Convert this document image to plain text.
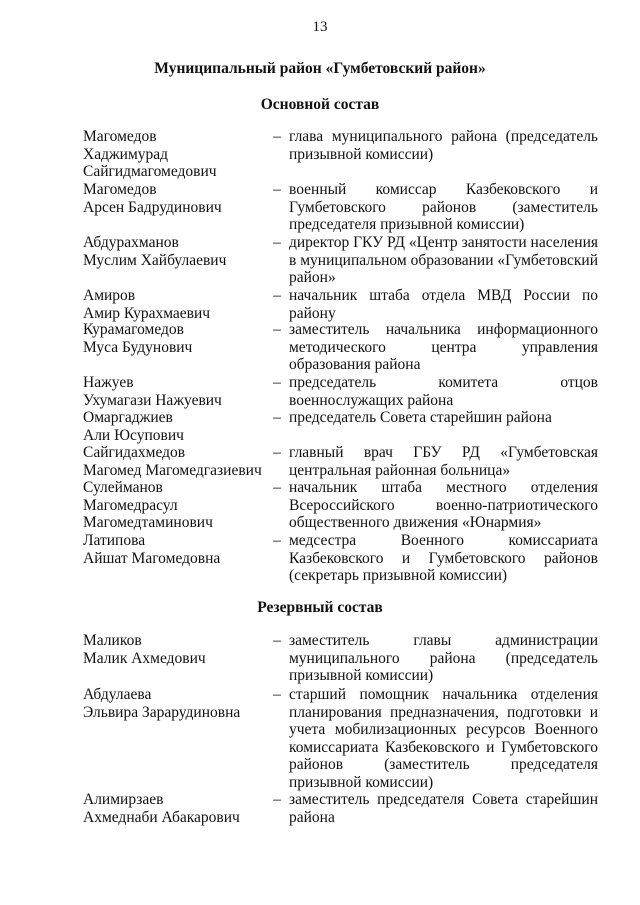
13
Муниципальный район «Гумбетовский район»
Основной состав
Магомедов
Хаджимурад
Сайгидмагомедович
– глава муниципального района (председатель призывной комиссии)
Магомедов
Арсен Бадрудинович
– военный комиссар Казбековского и Гумбетовского районов (заместитель председателя призывной комиссии)
Абдурахманов
Муслим Хайбулаевич
– директор ГКУ РД «Центр занятости населения в муниципальном образовании «Гумбетовский район»
Амиров
Амир Курахмаевич
– начальник штаба отдела МВД России по району
Курамагомедов
Муса Будунович
– заместитель начальника информационного методического центра управления образования района
Нажуев
Ухумагази Нажуевич
– председатель комитета отцов военнослужащих района
Омаргаджиев
Али Юсупович
– председатель Совета старейшин района
Сайгидахмедов
Магомед Магомедгазиевич
– главный врач ГБУ РД «Гумбетовская центральная районная больница»
Сулейманов
Магомедрасул
Магомедтаминович
– начальник штаба местного отделения Всероссийского военно-патриотического общественного движения «Юнармия»
Латипова
Айшат Магомедовна
– медсестра Военного комиссариата Казбековского и Гумбетовского районов (секретарь призывной комиссии)
Резервный состав
Маликов
Малик Ахмедович
– заместитель главы администрации муниципального района (председатель призывной комиссии)
Абдулаева
Эльвира Зарарудиновна
– старший помощник начальника отделения планирования предназначения, подготовки и учета мобилизационных ресурсов Военного комиссариата Казбековского и Гумбетовского районов (заместитель председателя призывной комиссии)
Алимирзаев
Ахмеднаби Абакарович
– заместитель председателя Совета старейшин района
